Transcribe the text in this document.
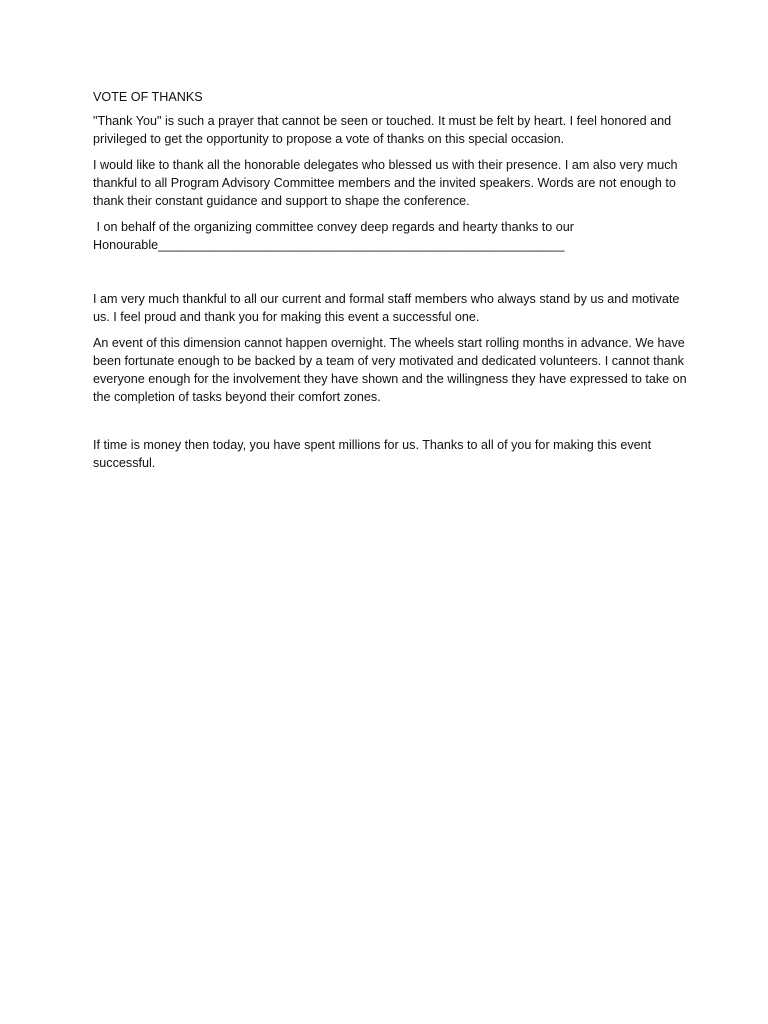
VOTE OF THANKS

"Thank You" is such a prayer that cannot be seen or touched. It must be felt by heart. I feel honored and privileged to get the opportunity to propose a vote of thanks on this special occasion.

I would like to thank all the honorable delegates who blessed us with their presence. I am also very much thankful to all Program Advisory Committee members and the invited speakers. Words are not enough to thank their constant guidance and support to shape the conference.

I on behalf of the organizing committee convey deep regards and hearty thanks to our Honourable__________________________________________________________

I am very much thankful to all our current and formal staff members who always stand by us and motivate us. I feel proud and thank you for making this event a successful one.

An event of this dimension cannot happen overnight. The wheels start rolling months in advance. We have been fortunate enough to be backed by a team of very motivated and dedicated volunteers. I cannot thank everyone enough for the involvement they have shown and the willingness they have expressed to take on the completion of tasks beyond their comfort zones.

If time is money then today, you have spent millions for us. Thanks to all of you for making this event successful.
